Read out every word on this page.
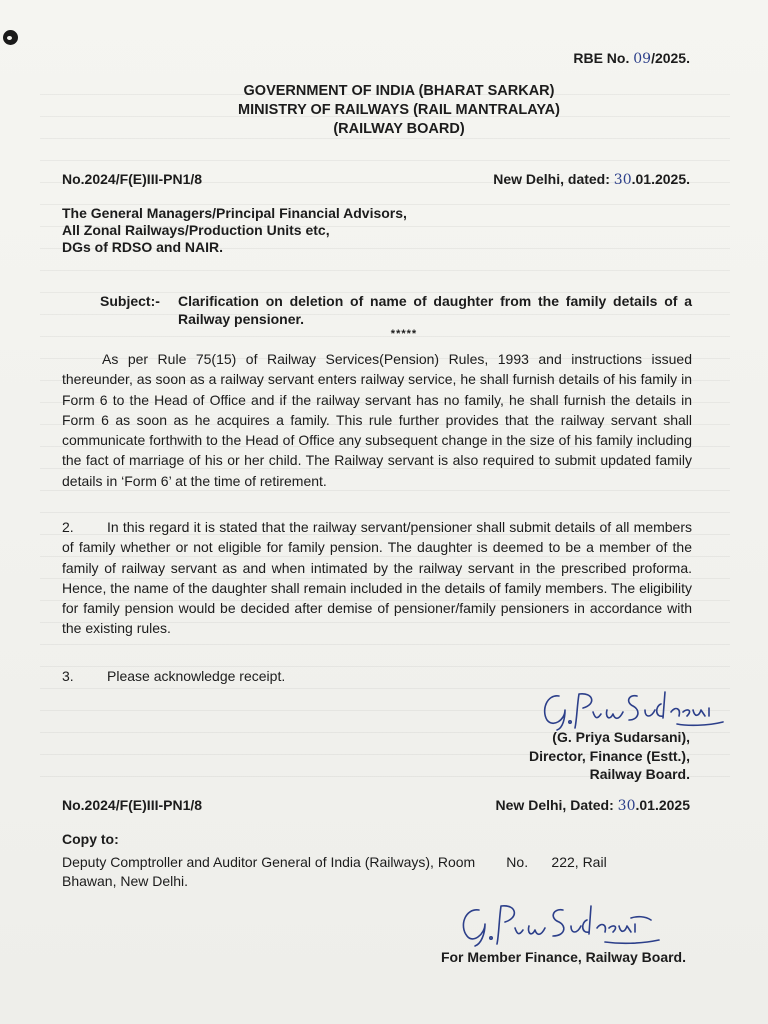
RBE No. 09/2025.
GOVERNMENT OF INDIA (BHARAT SARKAR)
MINISTRY OF RAILWAYS (RAIL MANTRALAYA)
(RAILWAY BOARD)
No.2024/F(E)III-PN1/8	New Delhi, dated: 30.01.2025.
The General Managers/Principal Financial Advisors,
All Zonal Railways/Production Units etc,
DGs of RDSO and NAIR.
Subject:-	Clarification on deletion of name of daughter from the family details of a Railway pensioner.
*****
As per Rule 75(15) of Railway Services(Pension) Rules, 1993 and instructions issued thereunder, as soon as a railway servant enters railway service, he shall furnish details of his family in Form 6 to the Head of Office and if the railway servant has no family, he shall furnish the details in Form 6 as soon as he acquires a family. This rule further provides that the railway servant shall communicate forthwith to the Head of Office any subsequent change in the size of his family including the fact of marriage of his or her child. The Railway servant is also required to submit updated family details in ‘Form 6’ at the time of retirement.
2. In this regard it is stated that the railway servant/pensioner shall submit details of all members of family whether or not eligible for family pension. The daughter is deemed to be a member of the family of railway servant as and when intimated by the railway servant in the prescribed proforma. Hence, the name of the daughter shall remain included in the details of family members. The eligibility for family pension would be decided after demise of pensioner/family pensioners in accordance with the existing rules.
3. Please acknowledge receipt.
(G. Priya Sudarsani),
Director, Finance (Estt.),
Railway Board.
No.2024/F(E)III-PN1/8	New Delhi, Dated: 30.01.2025
Copy to:
Deputy Comptroller and Auditor General of India (Railways), Room        No.      222, Rail
Bhawan, New Delhi.
For Member Finance, Railway Board.
